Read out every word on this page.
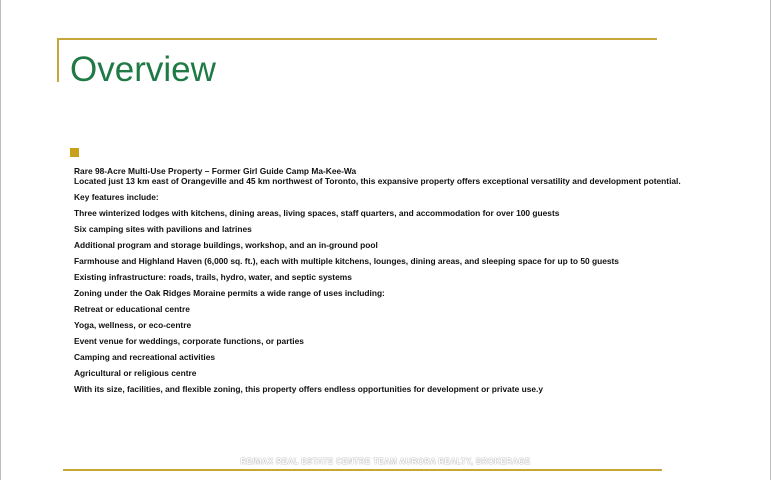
Overview

Rare 98-Acre Multi-Use Property – Former Girl Guide Camp Ma-Kee-Wa

Located just 13 km east of Orangeville and 45 km northwest of Toronto, this expansive property offers exceptional versatility and development potential.

Key features include:

Three winterized lodges with kitchens, dining areas, living spaces, staff quarters, and accommodation for over 100 guests

Six camping sites with pavilions and latrines

Additional program and storage buildings, workshop, and an in-ground pool

Farmhouse and Highland Haven (6,000 sq. ft.), each with multiple kitchens, lounges, dining areas, and sleeping space for up to 50 guests

Existing infrastructure: roads, trails, hydro, water, and septic systems

Zoning under the Oak Ridges Moraine permits a wide range of uses including:

Retreat or educational centre

Yoga, wellness, or eco-centre

Event venue for weddings, corporate functions, or parties

Camping and recreational activities

Agricultural or religious centre

With its size, facilities, and flexible zoning, this property offers endless opportunities for development or private use.y

RE/MAX REAL ESTATE CENTRE TEAM AURORA REALTY, BROKERAGE
